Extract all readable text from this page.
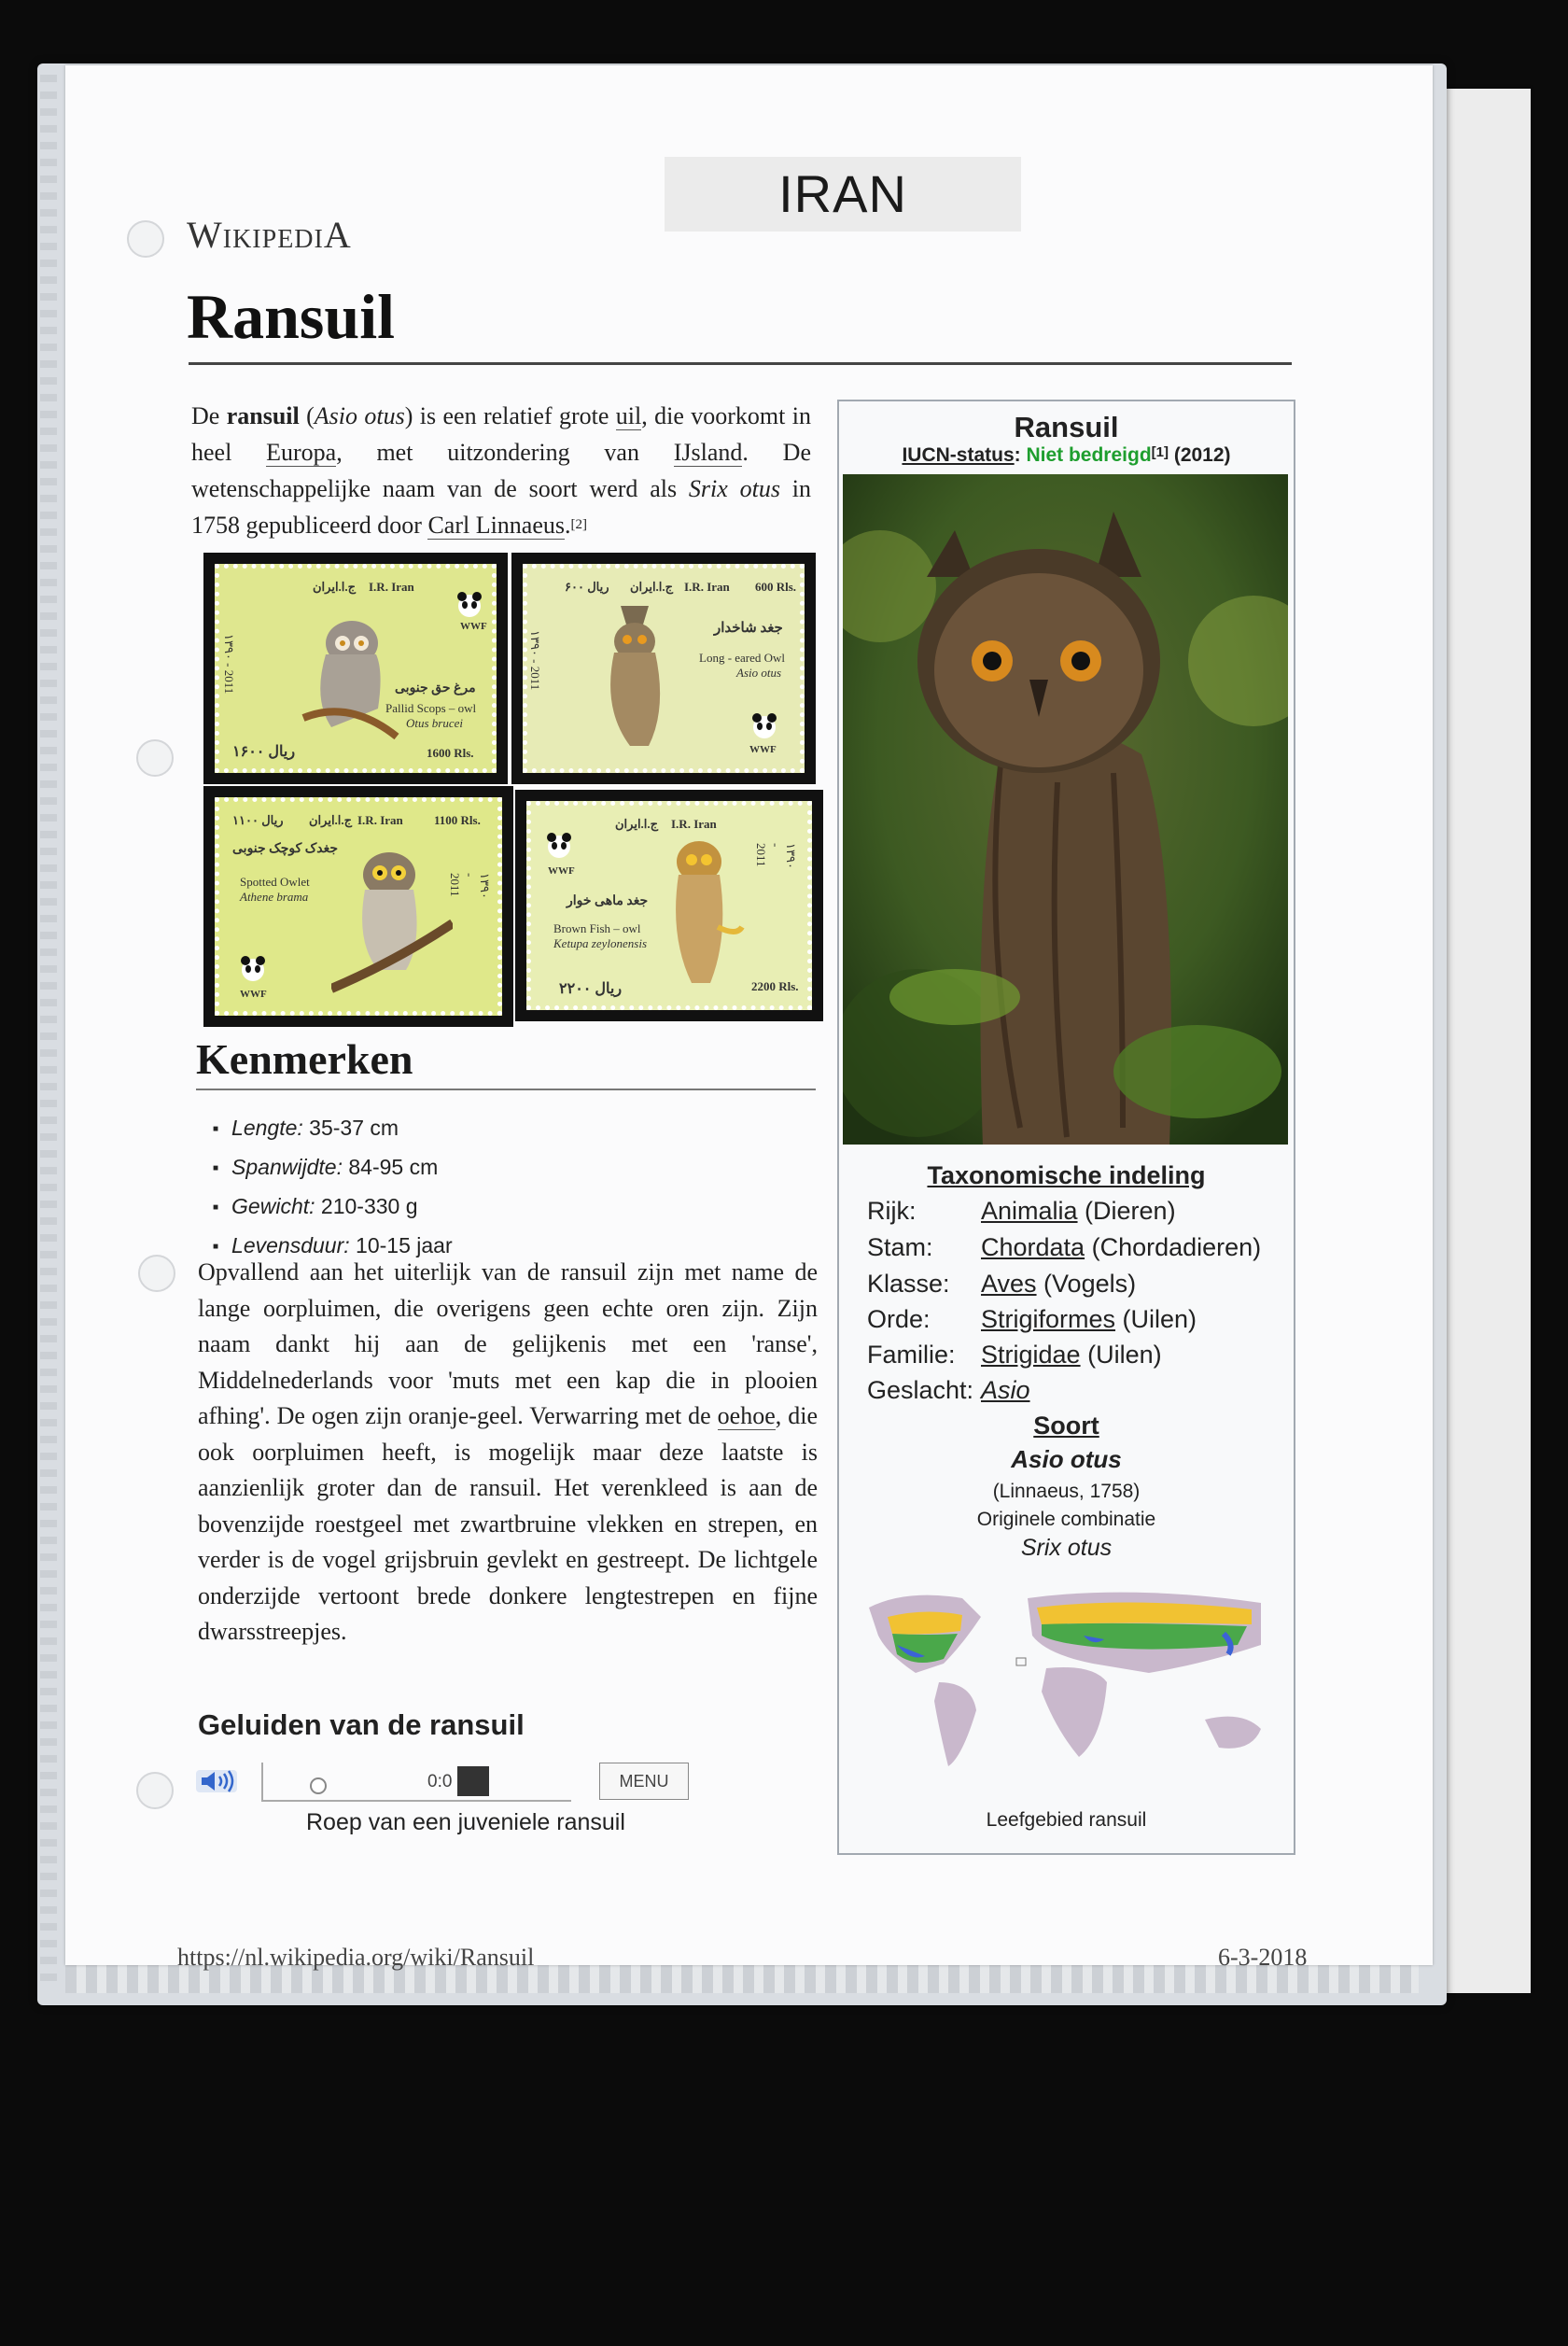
IRAN
WikipediA
Ransuil
De ransuil (Asio otus) is een relatief grote uil, die voorkomt in heel Europa, met uitzondering van IJsland. De wetenschappelijke naam van de soort werd als Srix otus in 1758 gepubliceerd door Carl Linnaeus.[2]
ج.ا.ايران I.R. Iran
۱۳۹۰ - 2011	مرغ حق جنوبی
Pallid Scops – owl
Otus brucei
1600 Rls.
۱۶۰۰ ريال
WWF
۶۰۰ ريال ج.ا.ايران I.R. Iran 600 Rls.
۱۳۹۰ - 2011
جغد شاخدار
Long - eared Owl
Asio otus
WWF
۱۱۰۰ ريال ج.ا.ايران I.R. Iran	1100 Rls.
جغدک کوچک جنوبی
Spotted Owlet
Athene brama	۱۳۹۰ - 2011
WWF
ج.ا.ايران I.R. Iran
جغد ماهی خوار
Brown Fish – owl
Ketupa zeylonensis
۲۲۰۰ ريال	2200 Rls.
۱۳۹۰ - 2011
WWF
Kenmerken
■ Lengte: 35-37 cm
■ Spanwijdte: 84-95 cm
■ Gewicht: 210-330 g
■ Levensduur: 10-15 jaar
Opvallend aan het uiterlijk van de ransuil zijn met name de lange oorpluimen, die overigens geen echte oren zijn. Zijn naam dankt hij aan de gelijkenis met een 'ranse', Middelnederlands voor 'muts met een kap die in plooien afhing'. De ogen zijn oranje-geel. Verwarring met de oehoe, die ook oorpluimen heeft, is mogelijk maar deze laatste is aanzienlijk groter dan de ransuil. Het verenkleed is aan de bovenzijde roestgeel met zwartbruine vlekken en strepen, en verder is de vogel grijsbruin gevlekt en gestreept. De lichtgele onderzijde vertoont brede donkere lengtestrepen en fijne dwarsstreepjes.
Geluiden van de ransuil
0:0	MENU
Roep van een juveniele ransuil
https://nl.wikipedia.org/wiki/Ransuil	6-3-2018
Ransuil
IUCN-status: Niet bedreigd[1] (2012)
Taxonomische indeling
Rijk:	Animalia (Dieren)
Stam: Chordata (Chordadieren)
Klasse: Aves (Vogels)
Orde: Strigiformes (Uilen)
Familie: Strigidae (Uilen)
Geslacht: Asio
Soort
Asio otus
(Linnaeus, 1758)
Originele combinatie
Srix otus
Leefgebied ransuil
